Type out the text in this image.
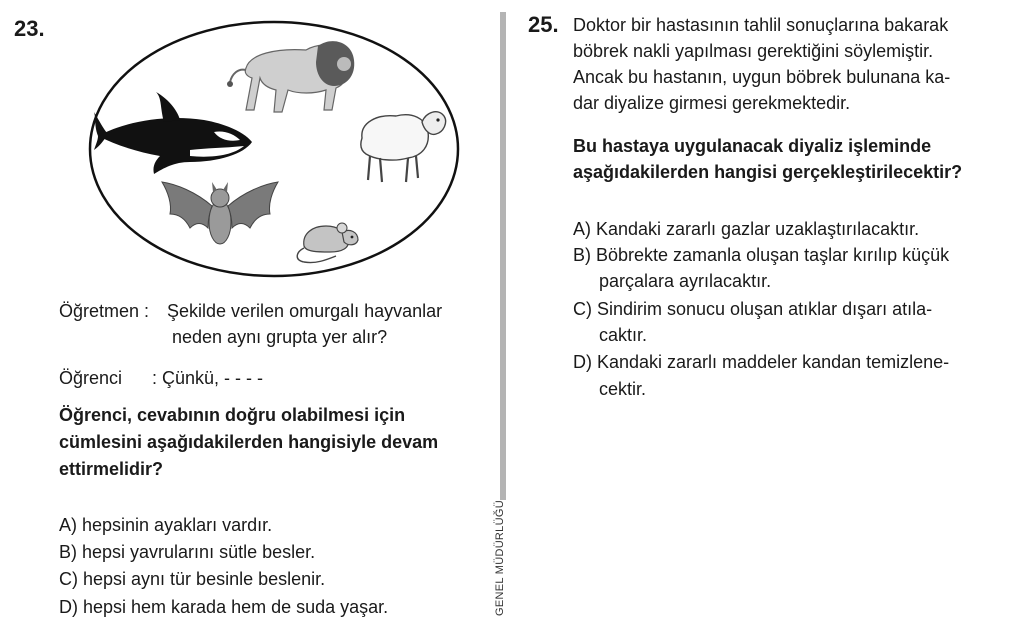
23.
Öğretmen : Şekilde verilen omurgalı hayvanlar
neden aynı grupta yer alır?
Öğrenci : Çünkü, - - - -
Öğrenci, cevabının doğru olabilmesi için
cümlesini aşağıdakilerden hangisiyle devam
ettirmelidir?
A) hepsinin ayakları vardır.
B) hepsi yavrularını sütle besler.
C) hepsi aynı tür besinle beslenir.
D) hepsi hem karada hem de suda yaşar.	GENEL MÜDÜRLÜĞÜ
25. Doktor bir hastasının tahlil sonuçlarına bakarak
böbrek nakli yapılması gerektiğini söylemiştir.
Ancak bu hastanın, uygun böbrek bulunana ka-
dar diyalize girmesi gerekmektedir.
Bu hastaya uygulanacak diyaliz işleminde
aşağıdakilerden hangisi gerçekleştirilecektir?
A) Kandaki zararlı gazlar uzaklaştırılacaktır.
B) Böbrekte zamanla oluşan taşlar kırılıp küçük
parçalara ayrılacaktır.
C) Sindirim sonucu oluşan atıklar dışarı atıla-
caktır.
D) Kandaki zararlı maddeler kandan temizlene-
cektir.
